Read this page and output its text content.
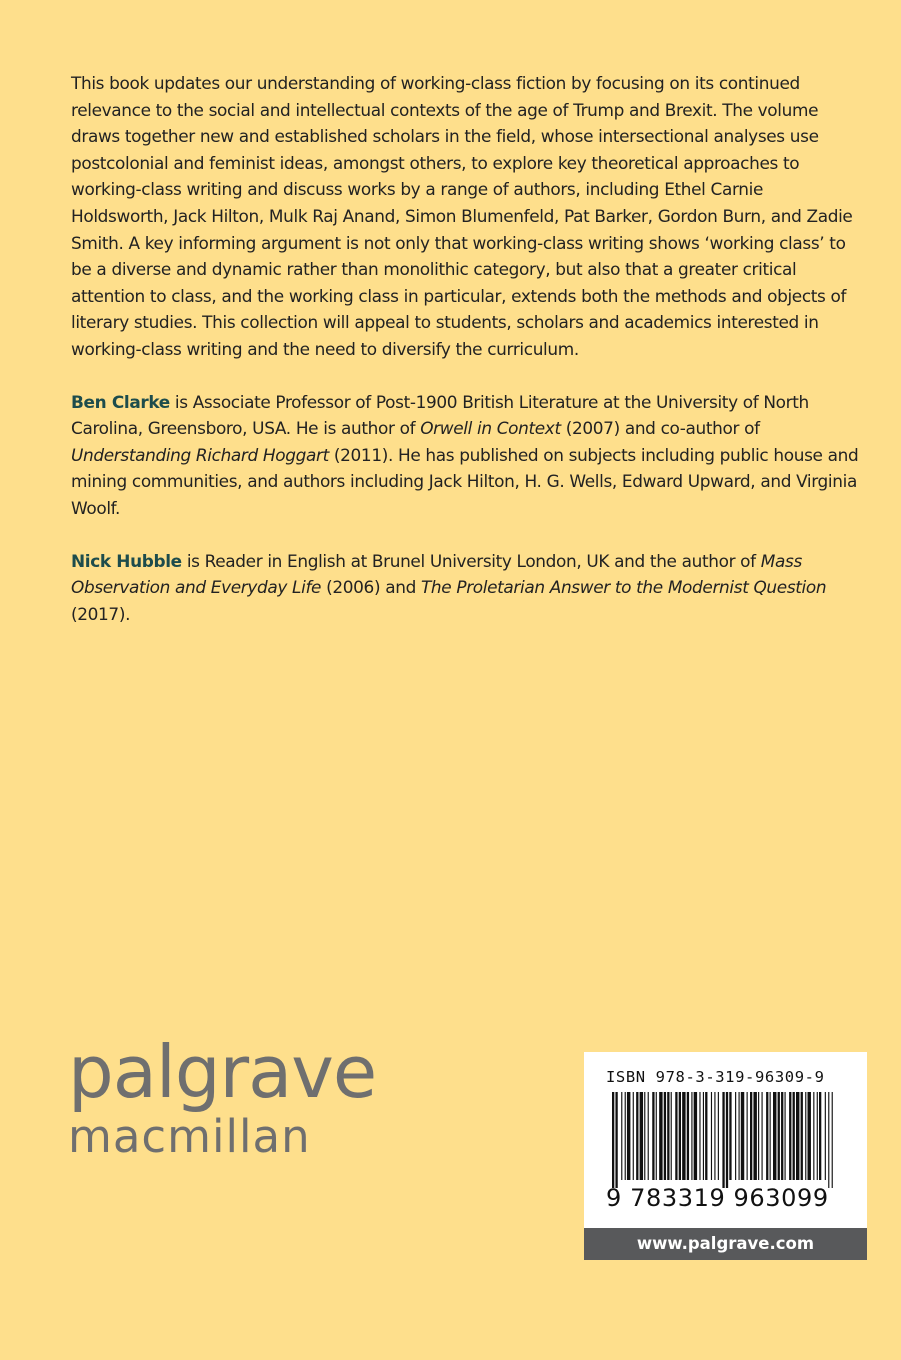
This book updates our understanding of working-class fiction by focusing on its continued relevance to the social and intellectual contexts of the age of Trump and Brexit. The volume draws together new and established scholars in the field, whose intersectional analyses use postcolonial and feminist ideas, amongst others, to explore key theoretical approaches to working-class writing and discuss works by a range of authors, including Ethel Carnie Holdsworth, Jack Hilton, Mulk Raj Anand, Simon Blumenfeld, Pat Barker, Gordon Burn, and Zadie Smith. A key informing argument is not only that working-class writing shows ‘working class’ to be a diverse and dynamic rather than monolithic category, but also that a greater critical attention to class, and the working class in particular, extends both the methods and objects of literary studies. This collection will appeal to students, scholars and academics interested in working-class writing and the need to diversify the curriculum.

Ben Clarke is Associate Professor of Post-1900 British Literature at the University of North Carolina, Greensboro, USA. He is author of Orwell in Context (2007) and co-author of Understanding Richard Hoggart (2011). He has published on subjects including public house and mining communities, and authors including Jack Hilton, H. G. Wells, Edward Upward, and Virginia Woolf.

Nick Hubble is Reader in English at Brunel University London, UK and the author of Mass Observation and Everyday Life (2006) and The Proletarian Answer to the Modernist Question (2017).

palgrave
macmillan
ISBN 978-3-319-96309-9
9 783319 963099
www.palgrave.com
